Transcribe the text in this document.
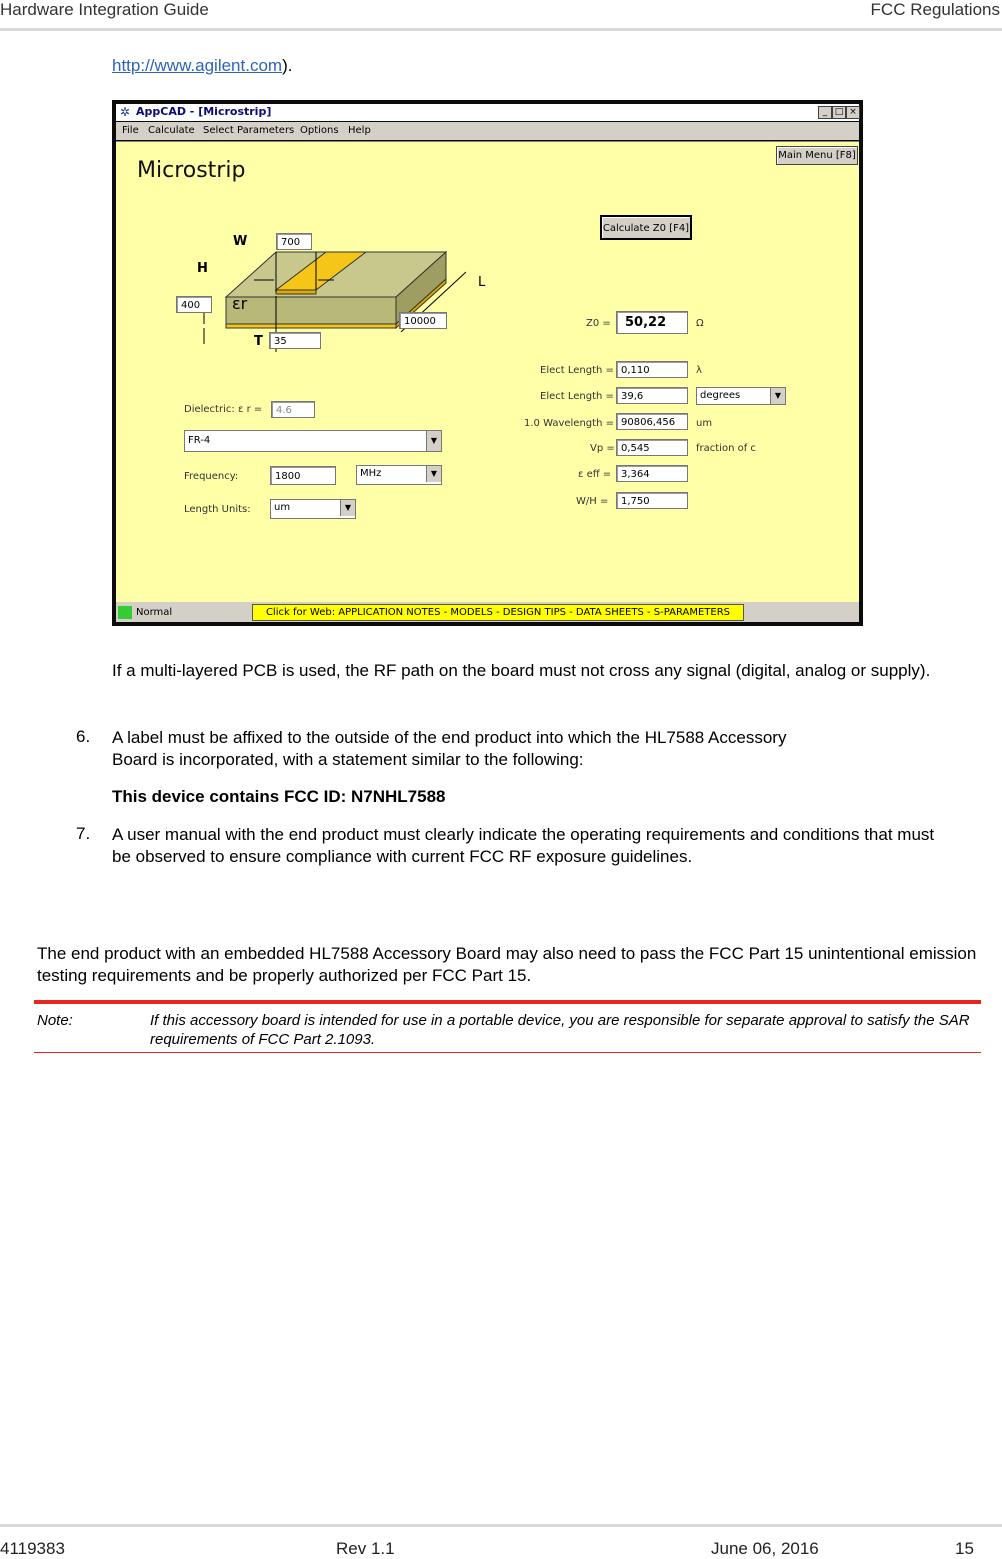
Hardware Integration Guide	FCC Regulations
http://www.agilent.com).
✲ AppCAD - [Microstrip]	_ □ ×
File Calculate Select Parameters Options Help
Main Menu [F8]
Microstrip
Calculate Z0 [F4]
W	700
H
400	εr
T	35
L
10000
Dielectric: ε r =	4.6
FR-4	▼
Frequency:	1800	MHz	▼
Length Units:	um	▼
Z0 =	50,22	Ω
Elect Length = 0,110	λ
Elect Length = 39,6	degrees	▼
1.0 Wavelength = 90806,456	um
Vp = 0,545	fraction of c
ε eff = 3,364
W/H =	1,750
Normal	Click for Web: APPLICATION NOTES - MODELS - DESIGN TIPS - DATA SHEETS - S-PARAMETERS
If a multi-layered PCB is used, the RF path on the board must not cross any signal (digital, analog or supply).
6. A label must be affixed to the outside of the end product into which the HL7588 Accessory
Board is incorporated, with a statement similar to the following:
This device contains FCC ID: N7NHL7588
7. A user manual with the end product must clearly indicate the operating requirements and conditions that must be observed to ensure compliance with current FCC RF exposure guidelines.
The end product with an embedded HL7588 Accessory Board may also need to pass the FCC Part 15 unintentional emission testing requirements and be properly authorized per FCC Part 15.
Note:	If this accessory board is intended for use in a portable device, you are responsible for separate approval to satisfy the SAR requirements of FCC Part 2.1093.
4119383	Rev 1.1	June 06, 2016	15
